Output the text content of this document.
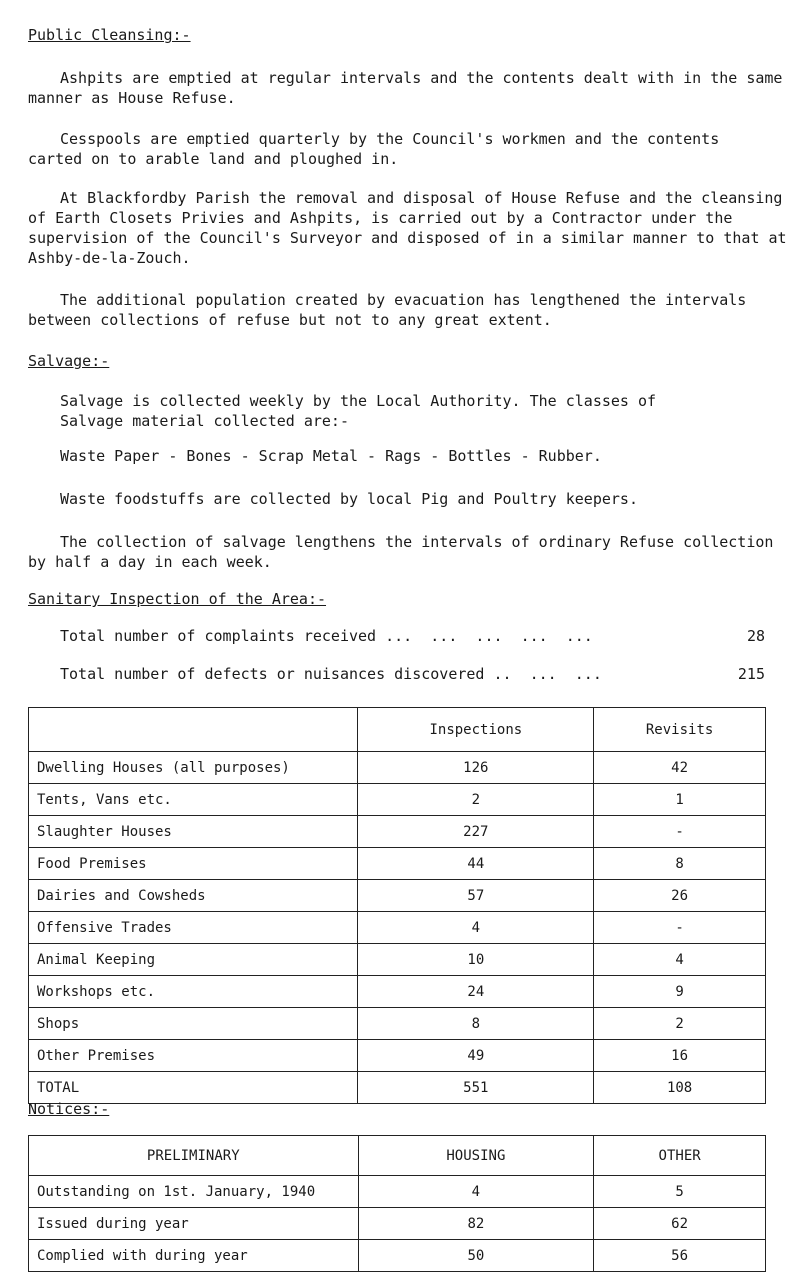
Public Cleansing:-
Ashpits are emptied at regular intervals and the contents dealt with in the same manner as House Refuse.
Cesspools are emptied quarterly by the Council's workmen and the contents carted on to arable land and ploughed in.
At Blackfordby Parish the removal and disposal of House Refuse and the cleansing of Earth Closets Privies and Ashpits, is carried out by a Contractor under the supervision of the Council's Surveyor and disposed of in a similar manner to that at Ashby-de-la-Zouch.
The additional population created by evacuation has lengthened the intervals between collections of refuse but not to any great extent.
Salvage:-
Salvage is collected weekly by the Local Authority. The classes of Salvage material collected are:-
Waste Paper - Bones - Scrap Metal - Rags - Bottles - Rubber.
Waste foodstuffs are collected by local Pig and Poultry keepers.
The collection of salvage lengthens the intervals of ordinary Refuse collection by half a day in each week.
Sanitary Inspection of the Area:-
Total number of complaints received ...  ...  ...  ...  ...	28
Total number of defects or nuisances discovered ..  ...  ...	215
	Inspections	Revisits
Dwelling Houses (all purposes)	126	42
Tents, Vans etc.	2	1
Slaughter Houses	227	-
Food Premises	44	8
Dairies and Cowsheds	57	26
Offensive Trades	4	-
Animal Keeping	10	4
Workshops etc.	24	9
Shops	8	2
Other Premises	49	16
TOTAL	551	108
Notices:-
PRELIMINARY	HOUSING	OTHER
Outstanding on 1st. January, 1940	4	5
Issued during year	82	62
Complied with during year	50	56
